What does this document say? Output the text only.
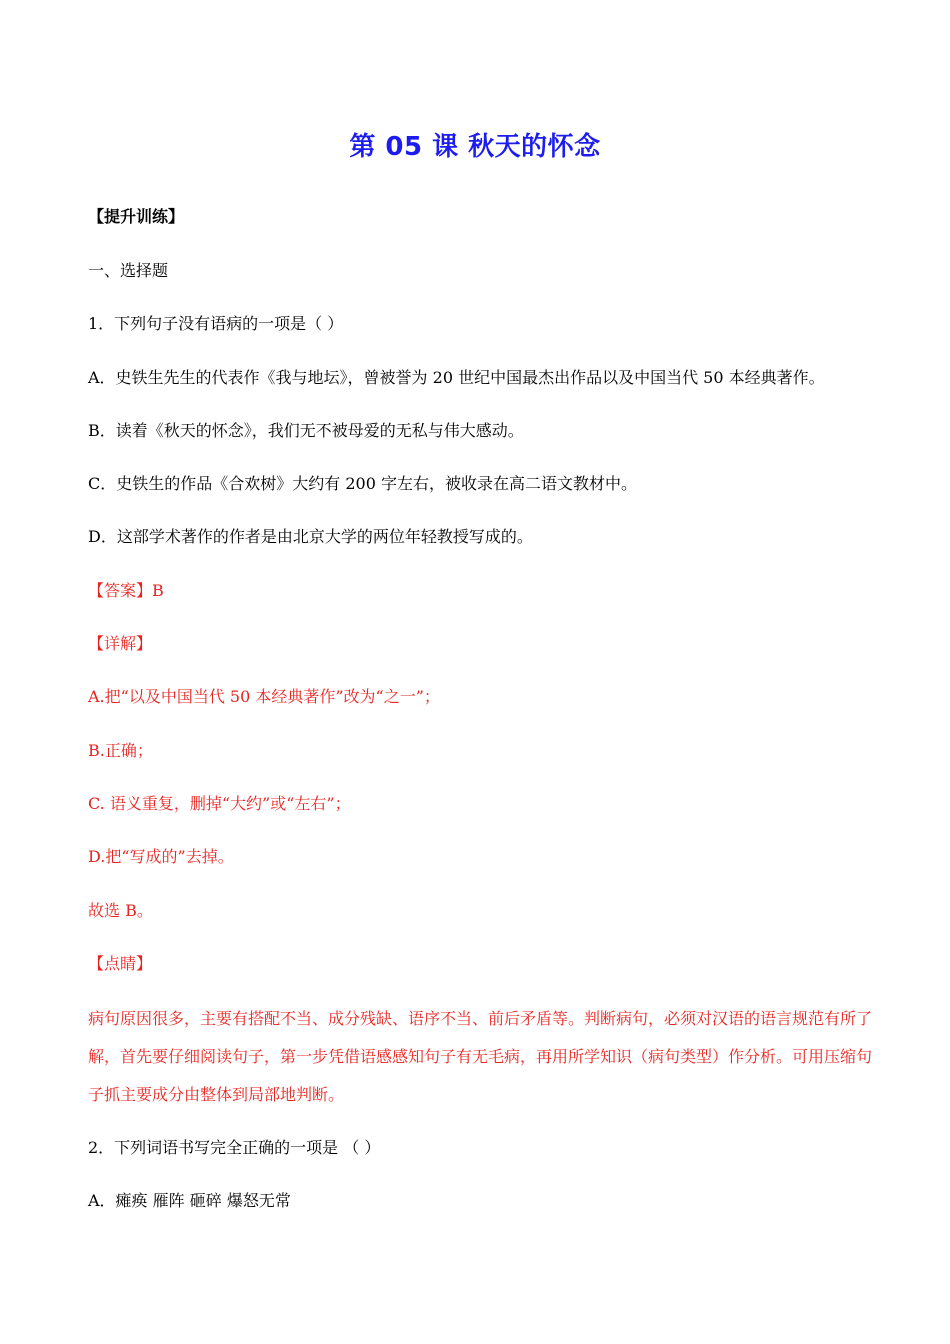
第 05 课 秋天的怀念
【提升训练】
一、选择题
1．下列句子没有语病的一项是（ ）
A．史铁生先生的代表作《我与地坛》，曾被誉为 20 世纪中国最杰出作品以及中国当代 50 本经典著作。
B．读着《秋天的怀念》，我们无不被母爱的无私与伟大感动。
C．史铁生的作品《合欢树》大约有 200 字左右，被收录在高二语文教材中。
D．这部学术著作的作者是由北京大学的两位年轻教授写成的。
【答案】B
【详解】
A.把“以及中国当代 50 本经典著作”改为“之一”；
B.正确；
C. 语义重复，删掉“大约”或“左右”；
D.把“写成的”去掉。
故选 B。
【点睛】
病句原因很多，主要有搭配不当、成分残缺、语序不当、前后矛盾等。判断病句，必须对汉语的语言规范有所了解，首先要仔细阅读句子，第一步凭借语感感知句子有无毛病，再用所学知识（病句类型）作分析。可用压缩句子抓主要成分由整体到局部地判断。
2．下列词语书写完全正确的一项是 （ ）
A．瘫痪 雁阵 砸碎 爆怒无常
